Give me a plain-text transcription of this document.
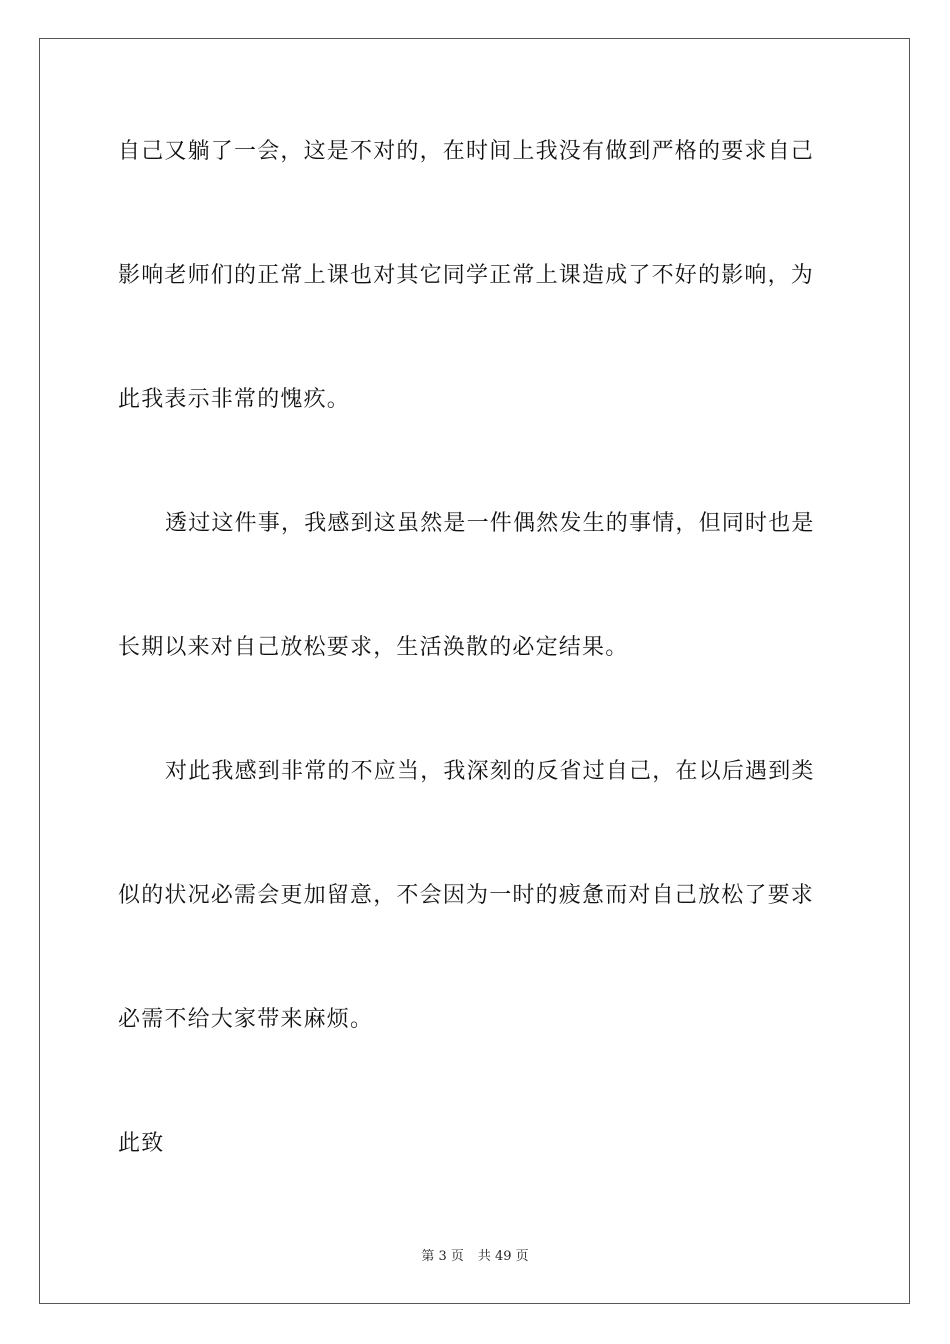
自己又躺了一会，这是不对的，在时间上我没有做到严格的要求自己
影响老师们的正常上课也对其它同学正常上课造成了不好的影响，为
此我表示非常的愧疚。
透过这件事，我感到这虽然是一件偶然发生的事情，但同时也是
长期以来对自己放松要求，生活涣散的必定结果。
对此我感到非常的不应当，我深刻的反省过自己，在以后遇到类
似的状况必需会更加留意，不会因为一时的疲惫而对自己放松了要求
必需不给大家带来麻烦。
此致
第 3 页 共 49 页
